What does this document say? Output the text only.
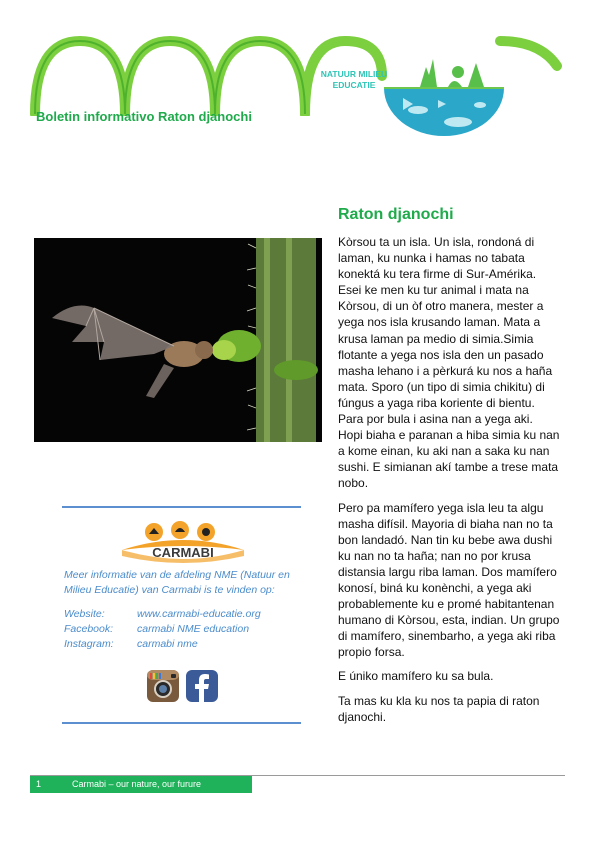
NATUUR MILIEU
EDUCATIE
Boletin informativo Raton djanochi
Raton djanochi

Kòrsou ta un isla. Un isla, rondoná di laman, ku nunka i hamas no tabata konektá ku tera firme di Sur-Amérika. Esei ke men ku tur animal i mata na Kòrsou, di un òf otro manera, mester a yega nos isla krusando laman. Mata a krusa laman pa medio di simia.Simia flotante a yega nos isla den un pasado masha lehano i a pèrkurá ku nos a haña mata. Sporo (un tipo di simia chikitu) di fúngus a yaga riba koriente di bientu. Para por bula i asina nan a yega aki. Hopi biaha e paranan a hiba simia ku nan a kome einan, ku aki nan a saka ku nan sushi. E simianan akí tambe a trese mata nobo.

Pero pa mamífero yega isla leu ta algu masha difísil. Mayoria di biaha nan no ta bon landadó. Nan tin ku bebe awa dushi ku nan no ta haña; nan no por krusa distansia largu riba laman. Dos mamífero konosí, biná ku konènchi, a yega aki probablemente ku e promé habitantenan humano di Kòrsou, esta, indian. Un grupo di mamífero, sinembarho, a yega aki riba propio forsa.

E úniko mamífero ku sa bula.

Ta mas ku kla ku nos ta papia di raton djanochi.

CARMABI
Meer informatie van de afdeling NME (Natuur en Milieu Educatie) van Carmabi is te vinden op:
Website:	www.carmabi-educatie.org
Facebook:	carmabi NME education
Instagram:	carmabi nme
1	Carmabi – our nature, our furure
